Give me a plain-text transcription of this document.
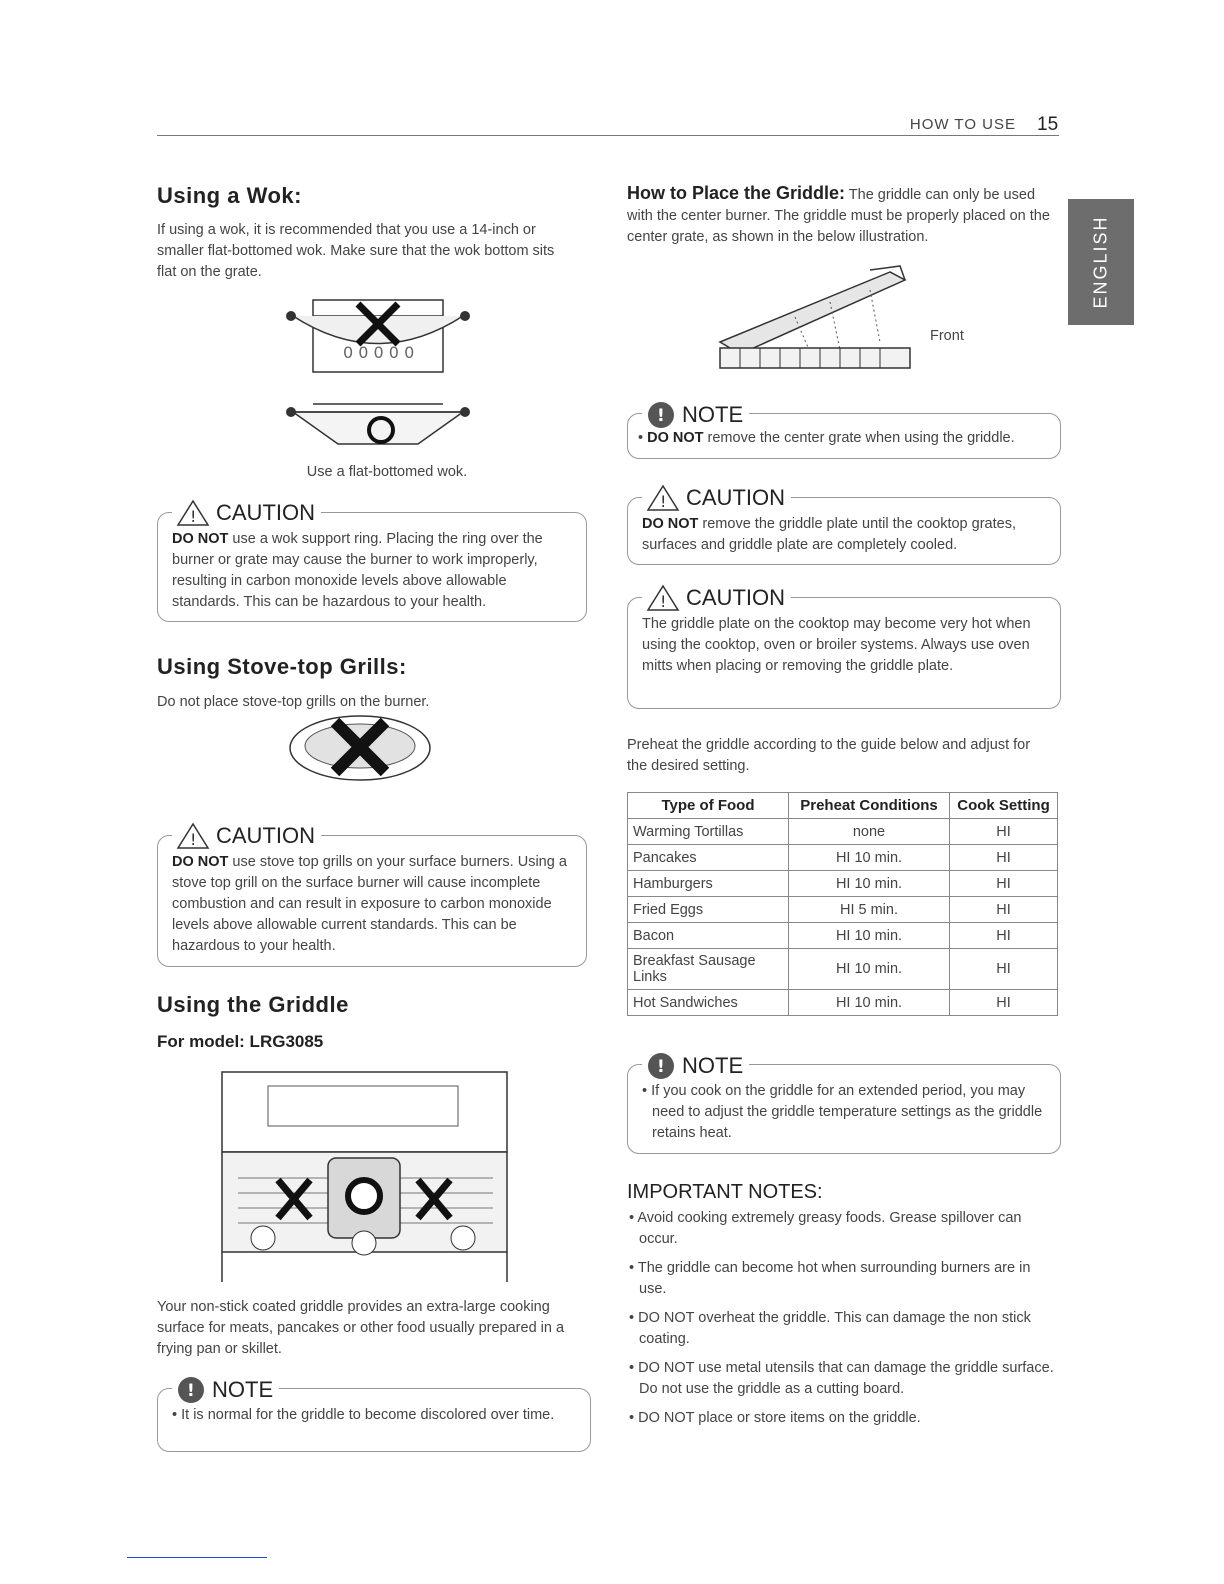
HOW TO USE 15
ENGLISH
Using a Wok:

If using a wok, it is recommended that you use a 14-inch or smaller flat-bottomed wok. Make sure that the wok bottom sits flat on the grate.

0 0 0 0 0
Use a flat-bottomed wok.
! CAUTION
DO NOT use a wok support ring. Placing the ring over the burner or grate may cause the burner to work improperly, resulting in carbon monoxide levels above allowable standards. This can be hazardous to your health.
Using Stove-top Grills:

Do not place stove-top grills on the burner.

! CAUTION
DO NOT use stove top grills on your surface burners. Using a stove top grill on the surface burner will cause incomplete combustion and can result in exposure to carbon monoxide levels above allowable current standards. This can be hazardous to your health.
Using the Griddle
For model: LRG3085

Your non-stick coated griddle provides an extra-large cooking surface for meats, pancakes or other food usually prepared in a frying pan or skillet.

! NOTE
• It is normal for the griddle to become discolored over time.
How to Place the Griddle: The griddle can only be used with the center burner. The griddle must be properly placed on the center grate, as shown in the below illustration.
Front
! NOTE
• DO NOT remove the center grate when using the griddle.
! CAUTION
DO NOT remove the griddle plate until the cooktop grates, surfaces and griddle plate are completely cooled.
! CAUTION
The griddle plate on the cooktop may become very hot when using the cooktop, oven or broiler systems. Always use oven mitts when placing or removing the griddle plate.

Preheat the griddle according to the guide below and adjust for the desired setting.

Type of Food	Preheat Conditions	Cook Setting
Warming Tortillas	none	HI
Pancakes	HI 10 min.	HI
Hamburgers	HI 10 min.	HI
Fried Eggs	HI 5 min.	HI
Bacon	HI 10 min.	HI
Breakfast Sausage Links	HI 10 min.	HI
Hot Sandwiches	HI 10 min.	HI
! NOTE
• If you cook on the griddle for an extended period, you may need to adjust the griddle temperature settings as the griddle retains heat.
IMPORTANT NOTES:
• Avoid cooking extremely greasy foods. Grease spillover can occur.
• The griddle can become hot when surrounding burners are in use.
• DO NOT overheat the griddle. This can damage the non stick coating.
• DO NOT use metal utensils that can damage the griddle surface. Do not use the griddle as a cutting board.
• DO NOT place or store items on the griddle.
